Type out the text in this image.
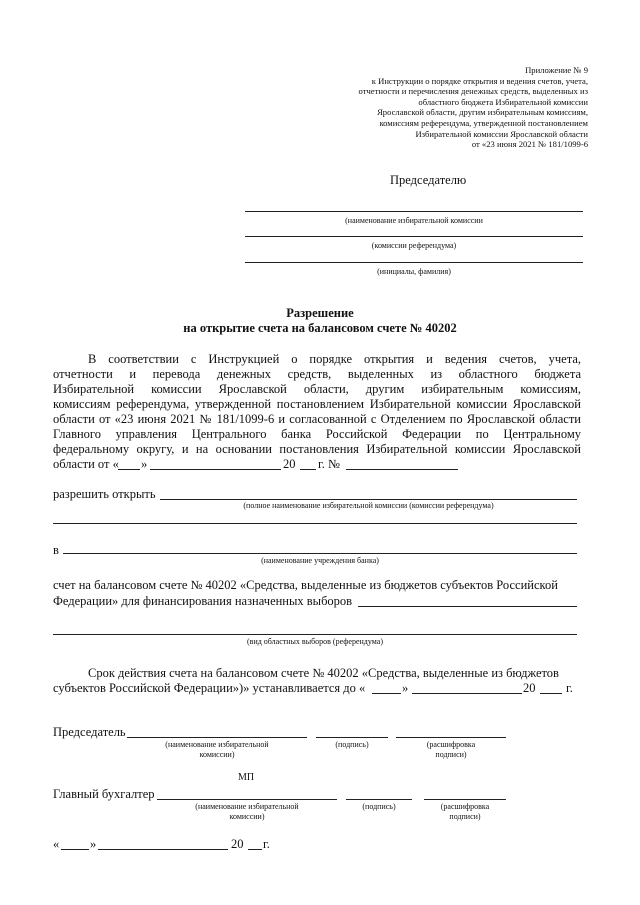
Приложение № 9
к Инструкции о порядке открытия и ведения счетов, учета,
отчетности и перечисления денежных средств, выделенных из
областного бюджета Избирательной комиссии
Ярославской области, другим избирательным комиссиям,
комиссиям референдума, утвержденной постановлением
Избирательной комиссии Ярославской области
от «23 июня 2021 № 181/1099-6
Председателю
(наименование избирательной комиссии
(комиссии референдума)
(инициалы, фамилия)
Разрешение
на открытие счета на балансовом счете № 40202
В соответствии с Инструкцией о порядке открытия и ведения счетов, учета,
отчетности и перевода денежных средств, выделенных из областного бюджета
Избирательной комиссии Ярославской области, другим избирательным комиссиям,
комиссиям референдума, утвержденной постановлением Избирательной комиссии Ярославской
области от «23 июня 2021 № 181/1099-6 и согласованной с Отделением по Ярославской области
Главного управления Центрального банка Российской Федерации по Центральному
федеральному округу, и на основании постановления Избирательной комиссии Ярославской
области от « »	20 г. №
разрешить открыть
(полное наименование избирательной комиссии (комиссии референдума)
в
(наименование учреждения банка)
счет на балансовом счете № 40202 «Средства, выделенные из бюджетов субъектов Российской
Федерации» для финансирования назначенных выборов
(вид областных выборов (референдума)
Срок действия счета на балансовом счете № 40202 «Средства, выделенные из бюджетов
субъектов Российской Федерации»)» устанавливается до «	»	20 г.
Председатель
(наименование избирательной
комиссии)
(подпись)	(расшифровка
подписи)
МП
Главный бухгалтер
(наименование избирательной
комиссии)
(подпись)	(расшифровка
подписи)
« »	20 г.
